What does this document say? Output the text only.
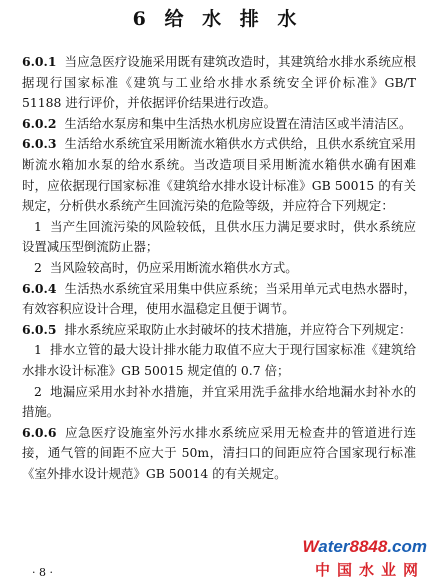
6 给 水 排 水

6.0.1 当应急医疗设施采用既有建筑改造时，其建筑给水排水系统应根据现行国家标准《建筑与工业给水排水系统安全评价标准》GB/T 51188 进行评价，并依据评价结果进行改造。

6.0.2 生活给水泵房和集中生活热水机房应设置在清洁区或半清洁区。

6.0.3 生活给水系统宜采用断流水箱供水方式供给，且供水系统宜采用断流水箱加水泵的给水系统。当改造项目采用断流水箱供水确有困难时，应依据现行国家标准《建筑给水排水设计标准》GB 50015 的有关规定，分析供水系统产生回流污染的危险等级，并应符合下列规定：

1 当产生回流污染的风险较低，且供水压力满足要求时，供水系统应设置减压型倒流防止器；

2 当风险较高时，仍应采用断流水箱供水方式。

6.0.4 生活热水系统宜采用集中供应系统；当采用单元式电热水器时，有效容积应设计合理，使用水温稳定且便于调节。

6.0.5 排水系统应采取防止水封破坏的技术措施，并应符合下列规定：

1 排水立管的最大设计排水能力取值不应大于现行国家标准《建筑给水排水设计标准》GB 50015 规定值的 0.7 倍；

2 地漏应采用水封补水措施，并宜采用洗手盆排水给地漏水封补水的措施。

6.0.6 应急医疗设施室外污水排水系统应采用无检查井的管道进行连接，通气管的间距不应大于 50m，清扫口的间距应符合国家现行标准《室外排水设计规范》GB 50014 的有关规定。

· 8 ·

Water8848.com
中国水业网
